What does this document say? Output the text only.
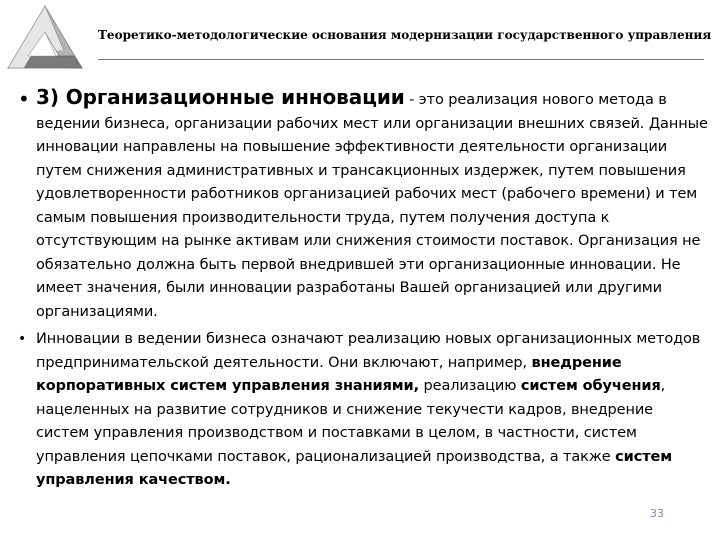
Теоретико-методологические основания модернизации государственного управления
• 3) Организационные инновации - это реализация нового метода в ведении бизнеса, организации рабочих мест или организации внешних связей. Данные инновации направлены на повышение эффективности деятельности организации путем снижения административных и трансакционных издержек, путем повышения удовлетворенности работников организацией рабочих мест (рабочего времени) и тем самым повышения производительности труда, путем получения доступа к отсутствующим на рынке активам или снижения стоимости поставок. Организация не обязательно должна быть первой внедрившей эти организационные инновации. Не имеет значения, были инновации разработаны Вашей организацией или другими организациями.
• Инновации в ведении бизнеса означают реализацию новых организационных методов предпринимательской деятельности. Они включают, например, внедрение корпоративных систем управления знаниями, реализацию систем обучения, нацеленных на развитие сотрудников и снижение текучести кадров, внедрение систем управления производством и поставками в целом, в частности, систем управления цепочками поставок, рационализацией производства, а также систем управления качеством.
33
